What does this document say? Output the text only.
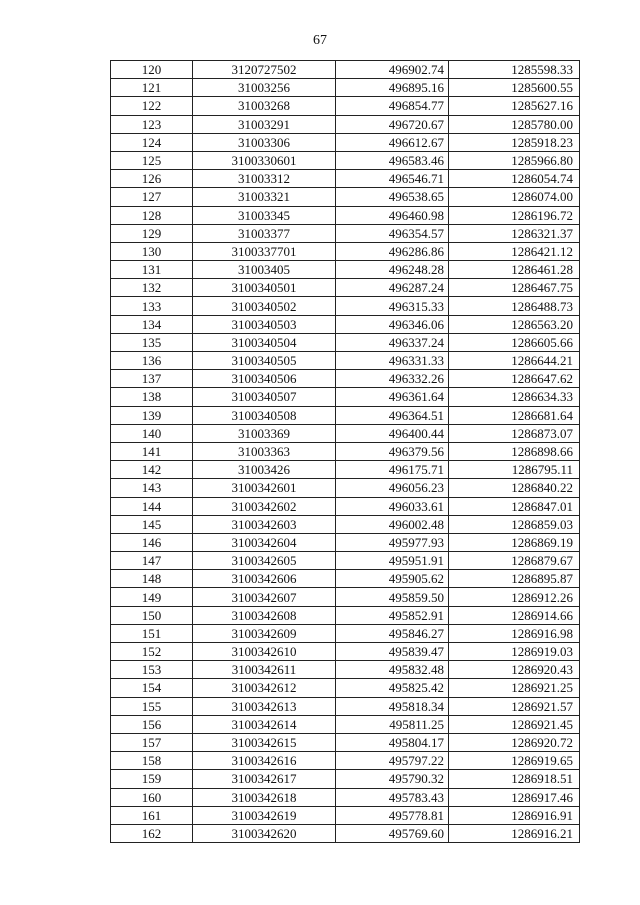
67
120	3120727502	496902.74	1285598.33
121	31003256	496895.16	1285600.55
122	31003268	496854.77	1285627.16
123	31003291	496720.67	1285780.00
124	31003306	496612.67	1285918.23
125	3100330601	496583.46	1285966.80
126	31003312	496546.71	1286054.74
127	31003321	496538.65	1286074.00
128	31003345	496460.98	1286196.72
129	31003377	496354.57	1286321.37
130	3100337701	496286.86	1286421.12
131	31003405	496248.28	1286461.28
132	3100340501	496287.24	1286467.75
133	3100340502	496315.33	1286488.73
134	3100340503	496346.06	1286563.20
135	3100340504	496337.24	1286605.66
136	3100340505	496331.33	1286644.21
137	3100340506	496332.26	1286647.62
138	3100340507	496361.64	1286634.33
139	3100340508	496364.51	1286681.64
140	31003369	496400.44	1286873.07
141	31003363	496379.56	1286898.66
142	31003426	496175.71	1286795.11
143	3100342601	496056.23	1286840.22
144	3100342602	496033.61	1286847.01
145	3100342603	496002.48	1286859.03
146	3100342604	495977.93	1286869.19
147	3100342605	495951.91	1286879.67
148	3100342606	495905.62	1286895.87
149	3100342607	495859.50	1286912.26
150	3100342608	495852.91	1286914.66
151	3100342609	495846.27	1286916.98
152	3100342610	495839.47	1286919.03
153	3100342611	495832.48	1286920.43
154	3100342612	495825.42	1286921.25
155	3100342613	495818.34	1286921.57
156	3100342614	495811.25	1286921.45
157	3100342615	495804.17	1286920.72
158	3100342616	495797.22	1286919.65
159	3100342617	495790.32	1286918.51
160	3100342618	495783.43	1286917.46
161	3100342619	495778.81	1286916.91
162	3100342620	495769.60	1286916.21
